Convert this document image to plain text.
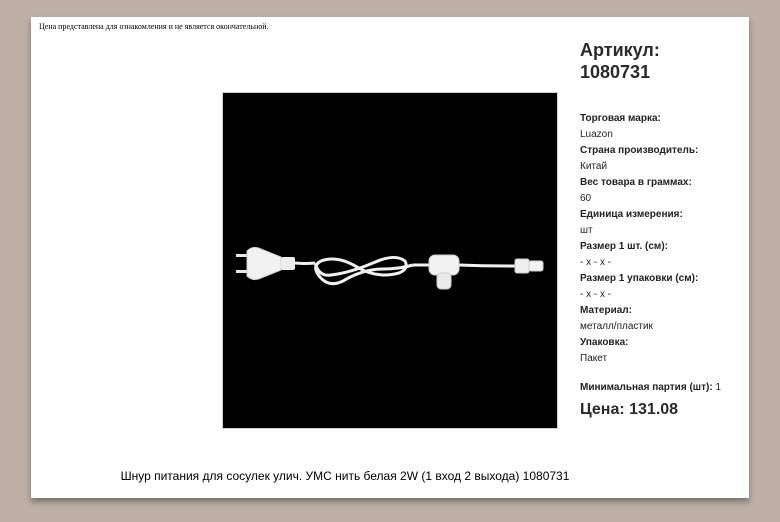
Цена представлена для ознакомления и не является окончательной.
Артикул:
1080731
Торговая марка:
Luazon
Страна производитель:
Китай
Вес товара в граммах:
60
Единица измерения:
шт
Размер 1 шт. (см):
- x - x -
Размер 1 упаковки (см):
- x - x -
Материал:
металл/пластик
Упаковка:
Пакет
Минимальная партия (шт): 1
Цена: 131.08
Шнур питания для сосулек улич. УМС нить белая 2W (1 вход 2 выхода) 1080731
